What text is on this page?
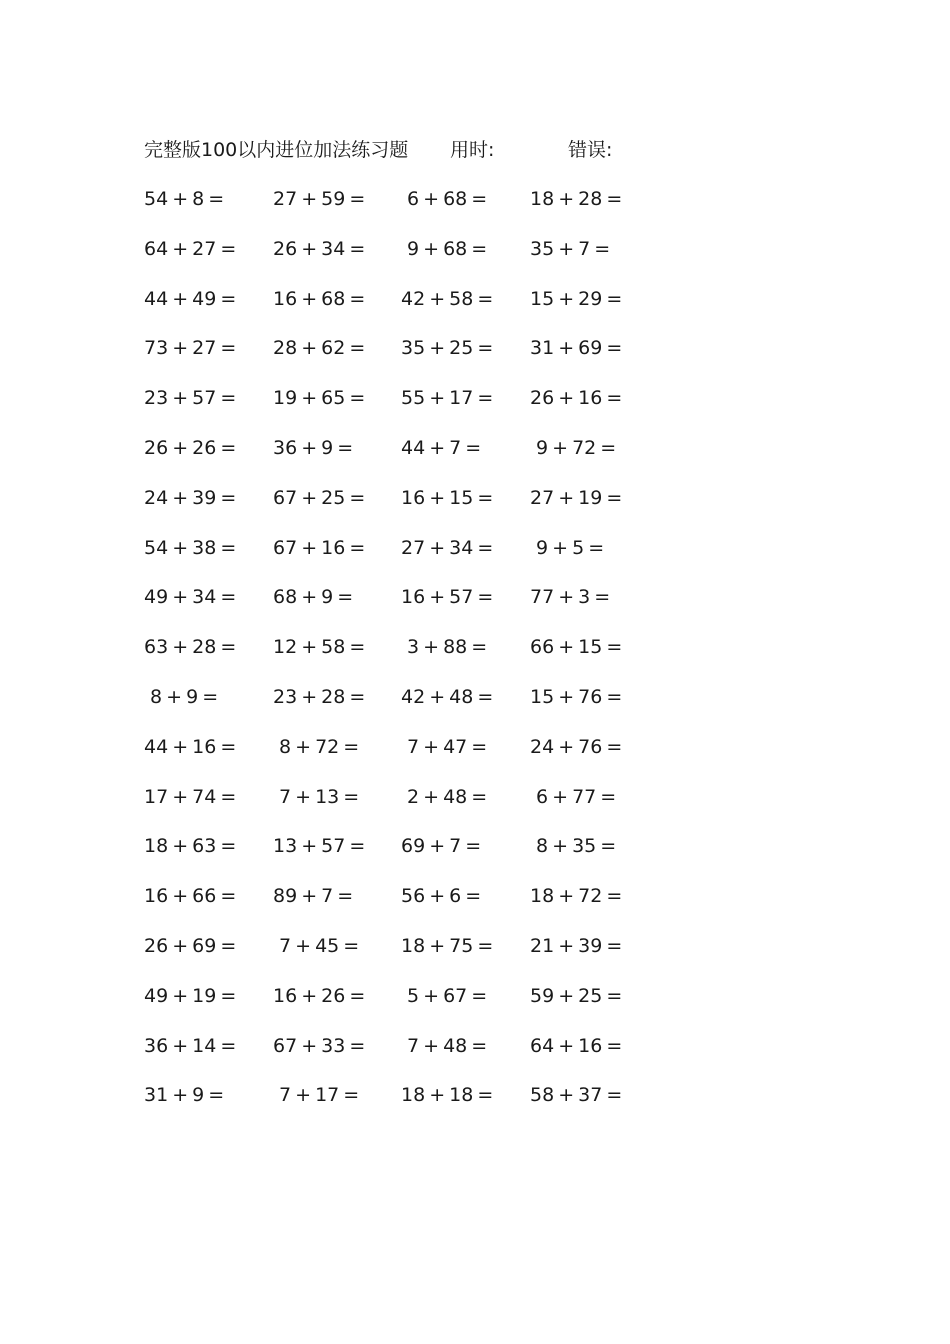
完整版100以内进位加法练习题 用时:	错误:
54 + 8 =	27 + 59 = 6 + 68 = 18 + 28 =
64 + 27 = 26 + 34 = 9 + 68 = 35 + 7 =
44 + 49 = 16 + 68 = 42 + 58 = 15 + 29 =
73 + 27 = 28 + 62 = 35 + 25 = 31 + 69 =
23 + 57 = 19 + 65 = 55 + 17 = 26 + 16 =
26 + 26 = 36 + 9 =	44 + 7 =	9 + 72 =
24 + 39 = 67 + 25 = 16 + 15 = 27 + 19 =
54 + 38 = 67 + 16 = 27 + 34 = 9 + 5 =
49 + 34 = 68 + 9 =	16 + 57 = 77 + 3 =
63 + 28 = 12 + 58 = 3 + 88 = 66 + 15 =
8 + 9 =	23 + 28 = 42 + 48 = 15 + 76 =
44 + 16 = 8 + 72 =	7 + 47 = 24 + 76 =
17 + 74 = 7 + 13 =	2 + 48 =	6 + 77 =
18 + 63 = 13 + 57 = 69 + 7 =	8 + 35 =
16 + 66 = 89 + 7 =	56 + 6 =	18 + 72 =
26 + 69 = 7 + 45 = 18 + 75 = 21 + 39 =
49 + 19 = 16 + 26 = 5 + 67 = 59 + 25 =
36 + 14 = 67 + 33 = 7 + 48 = 64 + 16 =
31 + 9 =	7 + 17 = 18 + 18 = 58 + 37 =
